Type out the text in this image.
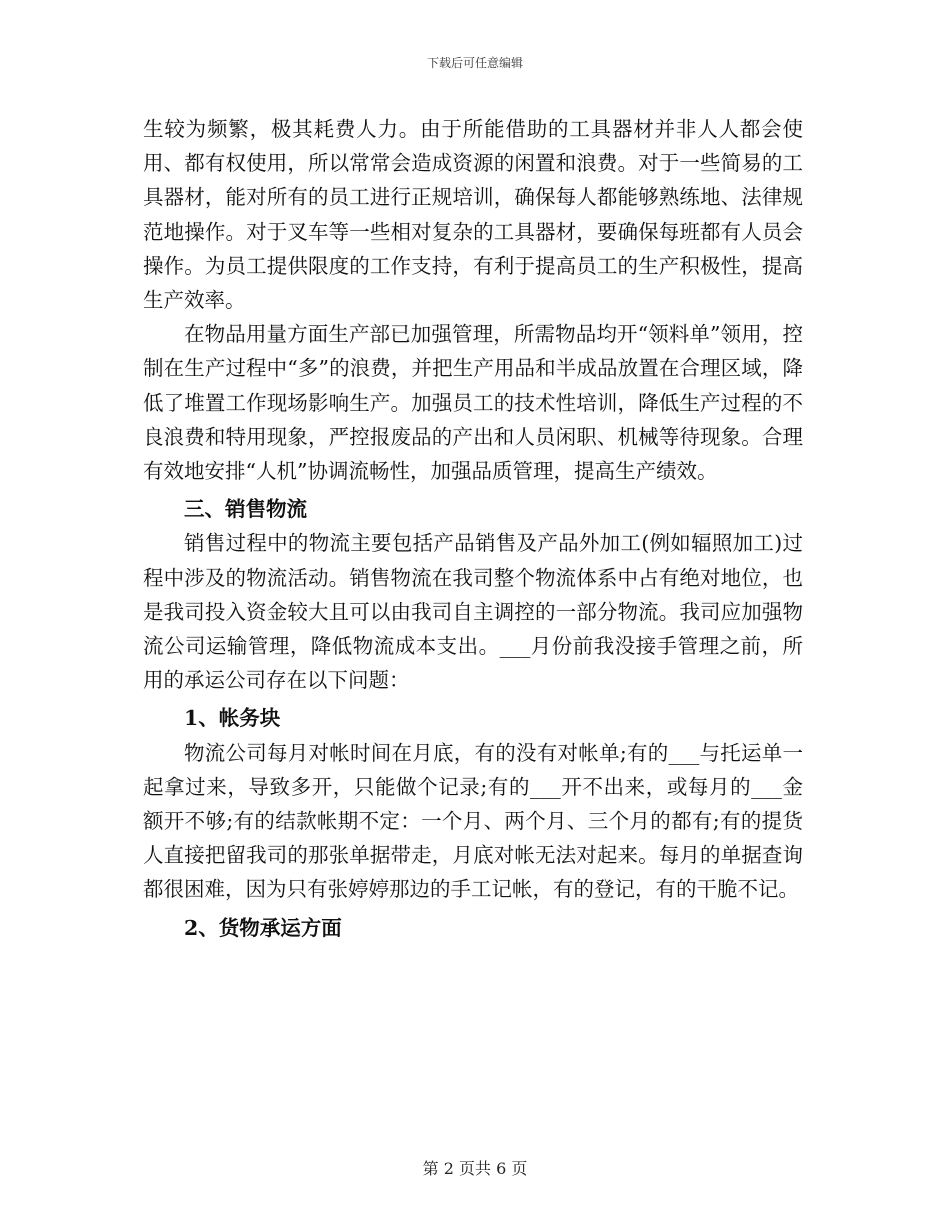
下载后可任意编辑

生较为频繁，极其耗费人力。由于所能借助的工具器材并非人人都会使用、都有权使用，所以常常会造成资源的闲置和浪费。对于一些简易的工具器材，能对所有的员工进行正规培训，确保每人都能够熟练地、法律规范地操作。对于叉车等一些相对复杂的工具器材，要确保每班都有人员会操作。为员工提供限度的工作支持，有利于提高员工的生产积极性，提高生产效率。

在物品用量方面生产部已加强管理，所需物品均开“领料单”领用，控制在生产过程中“多”的浪费，并把生产用品和半成品放置在合理区域，降低了堆置工作现场影响生产。加强员工的技术性培训，降低生产过程的不良浪费和特用现象，严控报废品的产出和人员闲职、机械等待现象。合理有效地安排“人机”协调流畅性，加强品质管理，提高生产绩效。

三、销售物流

销售过程中的物流主要包括产品销售及产品外加工(例如辐照加工)过程中涉及的物流活动。销售物流在我司整个物流体系中占有绝对地位，也是我司投入资金较大且可以由我司自主调控的一部分物流。我司应加强物流公司运输管理，降低物流成本支出。___月份前我没接手管理之前，所用的承运公司存在以下问题：

1、帐务块

物流公司每月对帐时间在月底，有的没有对帐单;有的___与托运单一起拿过来，导致多开，只能做个记录;有的___开不出来，或每月的___金额开不够;有的结款帐期不定：一个月、两个月、三个月的都有;有的提货人直接把留我司的那张单据带走，月底对帐无法对起来。每月的单据查询都很困难，因为只有张婷婷那边的手工记帐，有的登记，有的干脆不记。

2、货物承运方面
第 2 页共 6 页
